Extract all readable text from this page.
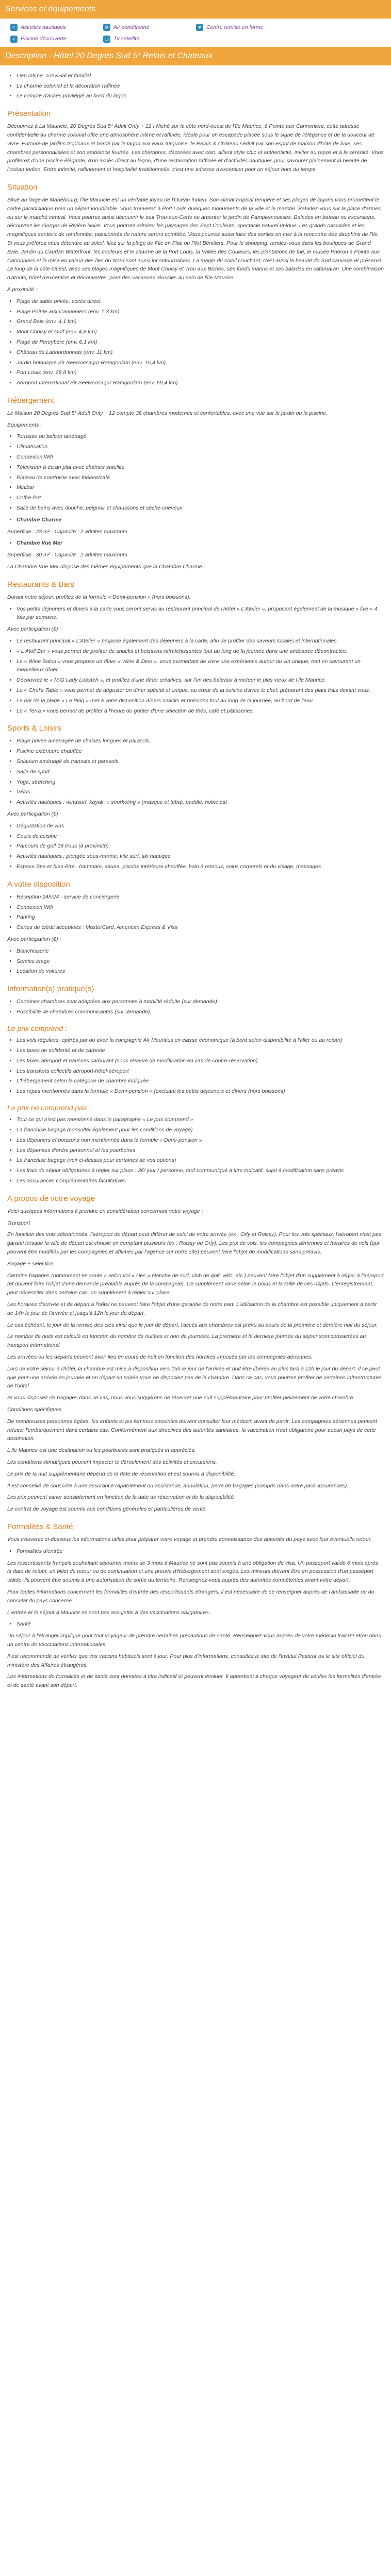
Services et équipements
≈	Activités nautiques	❄ Air conditionné	♥ Centre remise en forme
≈	Piscine découverte	▭ Tv satellite
Description - Hôtel 20 Degrés Sud 5* Relais et Chateaux
• Lieu intime, convivial et familial
• La charme colonial et la décoration raffinée
• Le compte d'accès privilégié au bord du lagon
Présentation

Découvrez à La Mauricie, 20 Degrés Sud 5* Adult Only + 12 ! Niché sur la côte nord-ouest de l'île Maurice, à Pointe aux Cannoniers, cette adresse confidentielle au charme colonial offre une atmosphère intime et raffinée, idéale pour un escapade placée sous le signe de l'élégance et de la douceur de vivre. Entouré de jardins tropicaux et bordé par le lagon aux eaux turquoise, le Relais & Château séduit par son esprit de maison d'hôte de luxe, ses chambres personnalisées et son ambiance feutrée. Les chambres, décorées avec soin, allient style chic et authenticité, inviter au repos et à la sérénité. Vous profiterez d'une piscine élégante, d'un accès direct au lagon, d'une restauration raffinée et d'activités nautiques pour savourer pleinement la beauté de l'océan Indien. Entre intimité, raffinement et hospitalité traditionnelle, c'est une adresse d'exception pour un séjour hors du temps.

Situation

Situé au large de Mahébourg, l'île Mauricie est un véritable joyau de l'Océan Indien. Son climat tropical tempéré et ses plages de lagons vous promettent le cadre paradisiaque pour un séjour inoubliable. Vous trouverez à Port Louis quelques monuments de la ville et le marché. Baladez-vous sur la place d'armes ou sur le marché central. Vous pourrez aussi découvrir le tout Trou-aux-Cerfs ou arpenter le jardin de Pamplemousses. Balades en bateau ou excursions, découvrez les Gorges de Rivière Noire. Vous pourrez admirer les paysages des Sept Couleurs, spectacle naturel unique. Les grands cascades et les magnifiques sentiers de randonnée, passionnés de nature seront comblés. Vous pourrez aussi faire des sorties en mer à la rencontre des dauphins de l'île. Si vous préférez vous détendre au soleil, filez sur la plage de Flic en Flac ou l'îlot Bénitiers. Pour le shopping, rendez-vous dans les boutiques de Grand Baie. Jardin du Caudan Waterfront, les couleurs et le charme de la Port Louis, la Vallée des Couleurs, les plantations de thé, le musée Pheron à Pointe aux Canonniers et la mise en valeur des îles du Nord sont aussi incontournables. La magie du soleil couchant, c'est aussi la beauté du Sud sauvage et préservé. Le long de la côte Ouest, avec ses plages magnifiques de Mont Choisy et Trou aux Biches, ses fonds marins et ses balades en catamaran. Une combinaison d'atouts, hôtel d'exception et découvertes, pour des vacances réussies au sein de l'île Maurice.

A proximité :

• Plage de sable privée, accès direct
• Plage Pointe aux Cannoniers (env. 1,3 km)
• Grand Baie (env. 4,1 km)
• Mont Choisy et Golf (env. 4,8 km)
• Plage de Pereybère (env. 6,1 km)
• Château de Labourdonnais (env. 11 km)
• Jardin botanique Sir Seewoosagur Ramgoolam (env. 15,4 km)
• Port Louis (env. 28,8 km)
• Aéroport International Sir Seewoosagur Ramgoolam (env. 69,4 km)
Hébergement

Le Maison 20 Degrés Sud 5* Adult Only + 12 compte 36 chambres modernes et confortables, avec une vue sur le jardin ou la piscine.

Equipements :

• Terrasse ou balcon aménagé
• Climatisation
• Connexion Wifi
• Téléviseur à écran plat avec chaînes satellite
• Plateau de courtoisie avec théière/café
• Minibar
• Coffre-fort
• Salle de bains avec douche, peignoir et chaussons et sèche-cheveux
• Chambre Charme

Superficie : 23 m² - Capacité : 2 adultes maximum

• Chambre Vue Mer

Superficie : 30 m² - Capacité : 2 adultes maximum

La Chambre Vue Mer dispose des mêmes équipements que la Chambre Charme.

Restaurants & Bars

Durant votre séjour, profitez de la formule « Demi-pension » (hors boissons).

• Vos petits déjeuners et dîners à la carte vous seront servis au restaurant principal de l'hôtel « L'Atelier », proposant également de la musique « live » 4 fois par semaine.

Avec participation (€) :

• Le restaurant principal « L'Atelier » propose également des déjeuners à la carte, afin de profiter des saveurs locales et internationales.
• « L'Atoll Bar » vous permet de profiter de snacks et boissons rafraîchissantes tout au long de la journée dans une ambiance décontractée.
• Le « Wine Salon » vous propose un dîner « Wine & Dine », vous permettant de vivre une expérience autour du vin unique, tout en savourant un merveilleux dîner.
• Découvrez le « M.G Lady Lobsteh », et profitez d'une dîner créatives, sur l'un des bateaux à moteur le plus vieux de l'île Maurice.
• Le « Chef's Table » vous permet de déguster un dîner spécial et unique, au cœur de la cuisine d'avec le chef, préparant des plats frais devant vous.
• Le bar de la plage « La Plag » met à votre disposition dîners snacks et boissons tout au long de la journée, au bord de l'eau.
• Le « Terra » vous permet de profiter à l'heure du goûter d'une sélection de thés, café et pâtisseries.
Sports & Loisirs
• Plage privée aménagée de chaises longues et parasols
• Piscine extérieure chauffée
• Solarium aménagé de transats et parasols
• Salle de sport
• Yoga, stretching
• Vélos
• Activités nautiques : windsurf, kayak, « snorkeling » (masque et tuba), paddle, hobie cat

Avec participation (€) :

• Dégustation de vins
• Cours de cuisine
• Parcours de golf 18 trous (à proximité)
• Activités nautiques : plongée sous-marine, kite surf, ski nautique
• Espace Spa et bien-être : hammam, sauna, piscine intérieure chauffée, bain à remous, soins corporels et du visage, massages
A votre disposition
• Réception 24h/24 - service de conciergerie
• Connexion Wifi
• Parking
• Cartes de crédit acceptées : MasterCard, American Express & Visa

Avec participation (€) :

• Blanchisserie
• Service étage
• Location de voitures
Information(s) pratique(s)
• Certaines chambres sont adaptées aux personnes à mobilité réduite (sur demande).
• Possibilité de chambres communicantes (sur demande).
Le prix comprend :
• Les vols réguliers, opérés par ou avec la compagnie Air Mauritius en classe économique (à bord selon disponibilité à l'aller ou au retour)
• Les taxes de solidarité et de carbone
• Les taxes aéroport et hausses carburant (sous réserve de modification en cas de contre-réservation)
• Les transferts collectifs aéroport-hôtel-aéroport
• L'hébergement selon la catégorie de chambre indiquée
• Les repas mentionnés dans la formule « Demi-pension » (excluant les petits déjeuners et dîners (hors boissons)
Le prix ne comprend pas :
• Tout ce qui n'est pas mentionné dans le paragraphe « Le prix comprend »
• La franchise bagage (consulter également pour les conditions de voyage)
• Les déjeuners et boissons non mentionnés dans la formule « Demi-pension »
• Les dépenses d'ordre personnel et les pourboires
• La franchise bagage (voir ci-dessus pour certaines de vos options)
• Les frais de séjour obligatoires à régler sur place : 3€/ jour / personne, tarif communiqué à titre indicatif, sujet à modification sans préavis
• Les assurances complémentaires facultatives
A propos de votre voyage

Voici quelques informations à prendre en considération concernant votre voyage :

Transport

En fonction des vols sélectionnés, l'aéroport de départ peut différer de celui de votre arrivée (ex : Orly et Roissy). Pour les vols spéciaux, l'aéroport n'est pas garanti lorsque la ville de départ est choisie en comptant plusieurs (ex : Roissy ou Orly). Les prix de vols, les compagnies aériennes et horaires de vols (qui peuvent être modifiés par les compagnies et affichés par l'agence sur notre site) peuvent faire l'objet de modifications sans préavis.

Bagage + sélection

Certains bagages (notamment en soute « selon vol » / les « planche de surf, club de golf, vélo, etc.) peuvent faire l'objet d'un supplément à régler à l'aéroport (et doivent faire l'objet d'une demande préalable auprès de la compagnie). Ce supplément varie selon le poids et la taille de ces objets. L'enregistrement, peut nécessiter dans certains cas, un supplément à régler sur place.

Les horaires d'arrivée et de départ à l'hôtel ne peuvent faire l'objet d'une garantie de notre part. L'utilisation de la chambre est possible uniquement à partir de 14h le jour de l'arrivée et jusqu'à 12h le jour du départ.

Le cas échéant, le jour de la remise des clés ainsi que le jour de départ, l'accès aux chambres est prévu au cours de la première et dernière nuit du séjour.

Le nombre de nuits est calculé en fonction du nombre de nuitées et non de journées. La première et la dernière journée du séjour sont consacrées au transport international.

Les arrivées ou les départs peuvent avoir lieu en cours de nuit en fonction des horaires imposés par les compagnies aériennes.

Lors de votre séjour à l'hôtel, la chambre est mise à disposition vers 15h le jour de l'arrivée et doit être libérée au plus tard à 12h le jour du départ. Il se peut que pour une arrivée en journée et un départ en soirée vous ne disposiez pas de la chambre. Dans ce cas, vous pourrez profiter de certaines infrastructures de l'hôtel.

Si vous disposez de bagages dans ce cas, nous vous suggérons de réserver une nuit supplémentaire pour profiter pleinement de votre chambre.

Conditions spécifiques

De nombreuses personnes âgées, les enfants et les femmes enceintes doivent consulter leur médecin avant de partir. Les compagnies aériennes peuvent refuser l'embarquement dans certains cas. Conformément aux directives des autorités sanitaires, la vaccination n'est obligatoire pour aucun pays de cette destination.

L'Ile Maurice est une destination où les pourboires sont pratiqués et appréciés.

Les conditions climatiques peuvent impacter le déroulement des activités et excursions.

Le prix de la nuit supplémentaire dépend de la date de réservation et est soumis à disponibilité.

Il est conseillé de souscrire à une assurance rapatriement ou assistance, annulation, perte de bagages (compris dans notre pack assurances).

Les prix peuvent varier sensiblement en fonction de la date de réservation et de la disponibilité.

Le contrat de voyage est soumis aux conditions générales et particulières de vente.

Formalités & Santé

Vous trouverez ci-dessous les informations utiles pour préparer votre voyage et prendre connaissance des autorités du pays avec leur éventuelle retour.

• Formalités d'entrée

Les ressortissants français souhaitant séjourner moins de 3 mois à Maurice ne sont pas soumis à une obligation de visa. Un passeport valide 6 mois après la date de retour, un billet de retour ou de continuation et une preuve d'hébergement sont exigés. Les mineurs doivent être en possession d'un passeport valide, ils peuvent être soumis à une autorisation de sortie du territoire. Renseignez-vous auprès des autorités compétentes avant votre départ.

Pour toutes informations concernant les formalités d'entrée des ressortissants étrangers, il est nécessaire de se renseigner auprès de l'ambassade ou du consulat du pays concerné.

L'entrée et le séjour à Maurice ne sont pas assujettis à des vaccinations obligatoires.

• Santé

Un séjour à l'étranger implique pour tout voyageur de prendre certaines précautions de santé. Renseignez-vous auprès de votre médecin traitant et/ou dans un centre de vaccinations internationales.

Il est recommandé de vérifier que vos vaccins habituels sont à jour. Pour plus d'informations, consultez le site de l'Institut Pasteur ou le site officiel du ministère des Affaires étrangères.

Les informations de formalités et de santé sont données à titre indicatif et peuvent évoluer. Il appartient à chaque voyageur de vérifier les formalités d'entrée et de santé avant son départ.
